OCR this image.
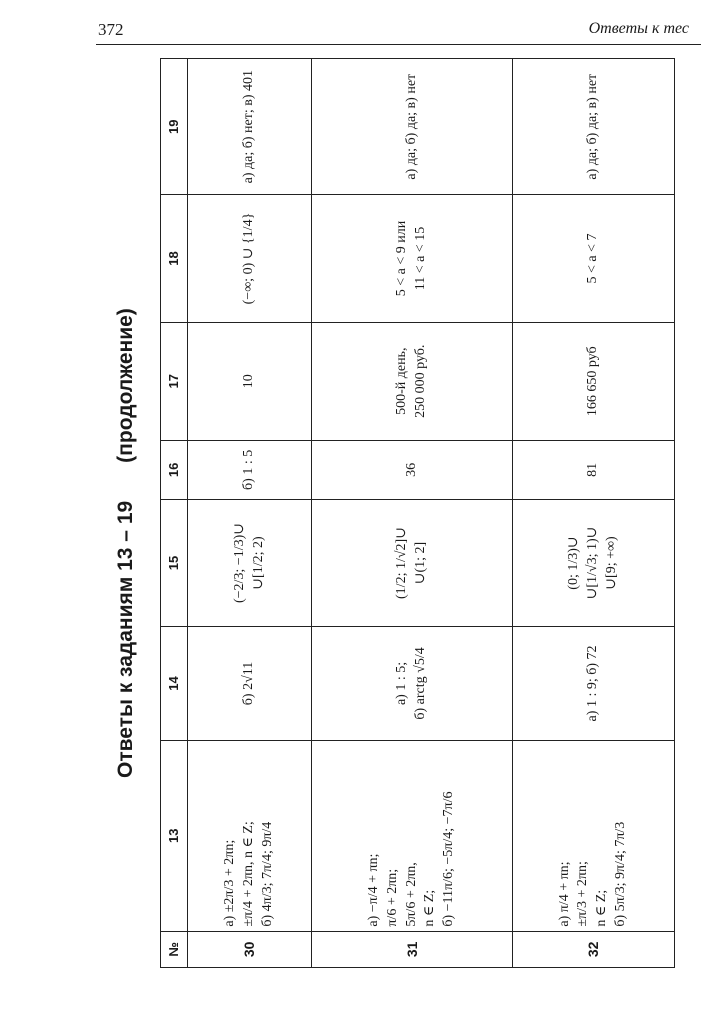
372	Ответы к тес
Ответы к заданиям 13 – 19(продолжение)
№	13	14	15	16	17	18	19
30	а) ±2π/3 + 2πn; ±π/4 + 2πn, n ∈ Z; б) 4π/3; 7π/4; 9π/4	б) 2√11	(−2/3; −1/3)∪ ∪[1/2; 2)	б) 1 : 5	10	(−∞; 0) ∪ {1/4}	а) да; б) нет; в) 401

31	а) −π/4 + πn; π/6 + 2πn; 5π/6 + 2πn, n ∈ Z; б) −11π/6; −5π/4; −7π/6	а) 1 : 5; б) arctg √5/4	(1/2; 1/√2]∪ ∪(1; 2]	36	500-й день, 250 000 руб.	5 < a < 9 или 11 < a < 15	а) да; б) да; в) нет

32	а) π/4 + πn; ±π/3 + 2πn; n ∈ Z; б) 5π/3; 9π/4; 7π/3	а) 1 : 9; б) 72	(0; 1/3)∪ ∪[1/√3; 1)∪ ∪[9; +∞)	81	166 650 руб	5 < a < 7	а) да; б) да; в) нет
